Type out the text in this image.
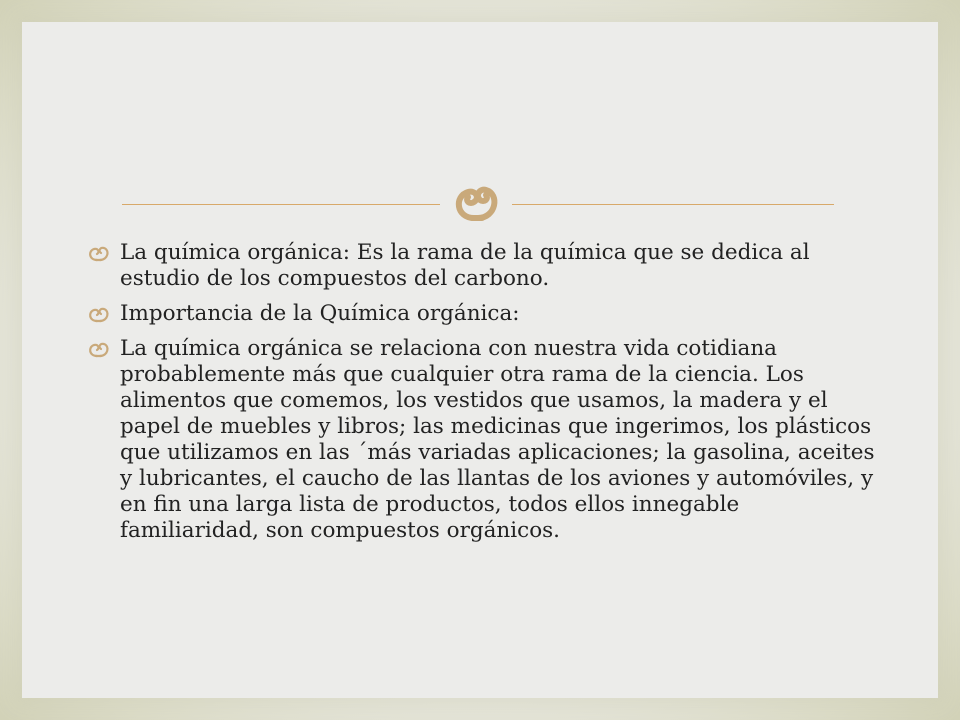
La química orgánica: Es la rama de la química que se dedica al estudio de los compuestos del carbono.
Importancia de la Química orgánica:
La química orgánica se relaciona con nuestra vida cotidiana probablemente más que cualquier otra rama de la ciencia. Los alimentos que comemos, los vestidos que usamos, la madera y el papel de muebles y libros; las medicinas que ingerimos, los plásticos que utilizamos en las ´más variadas aplicaciones; la gasolina, aceites y lubricantes, el caucho de las llantas de los aviones y automóviles, y en fin una larga lista de productos, todos ellos innegable familiaridad, son compuestos orgánicos.
